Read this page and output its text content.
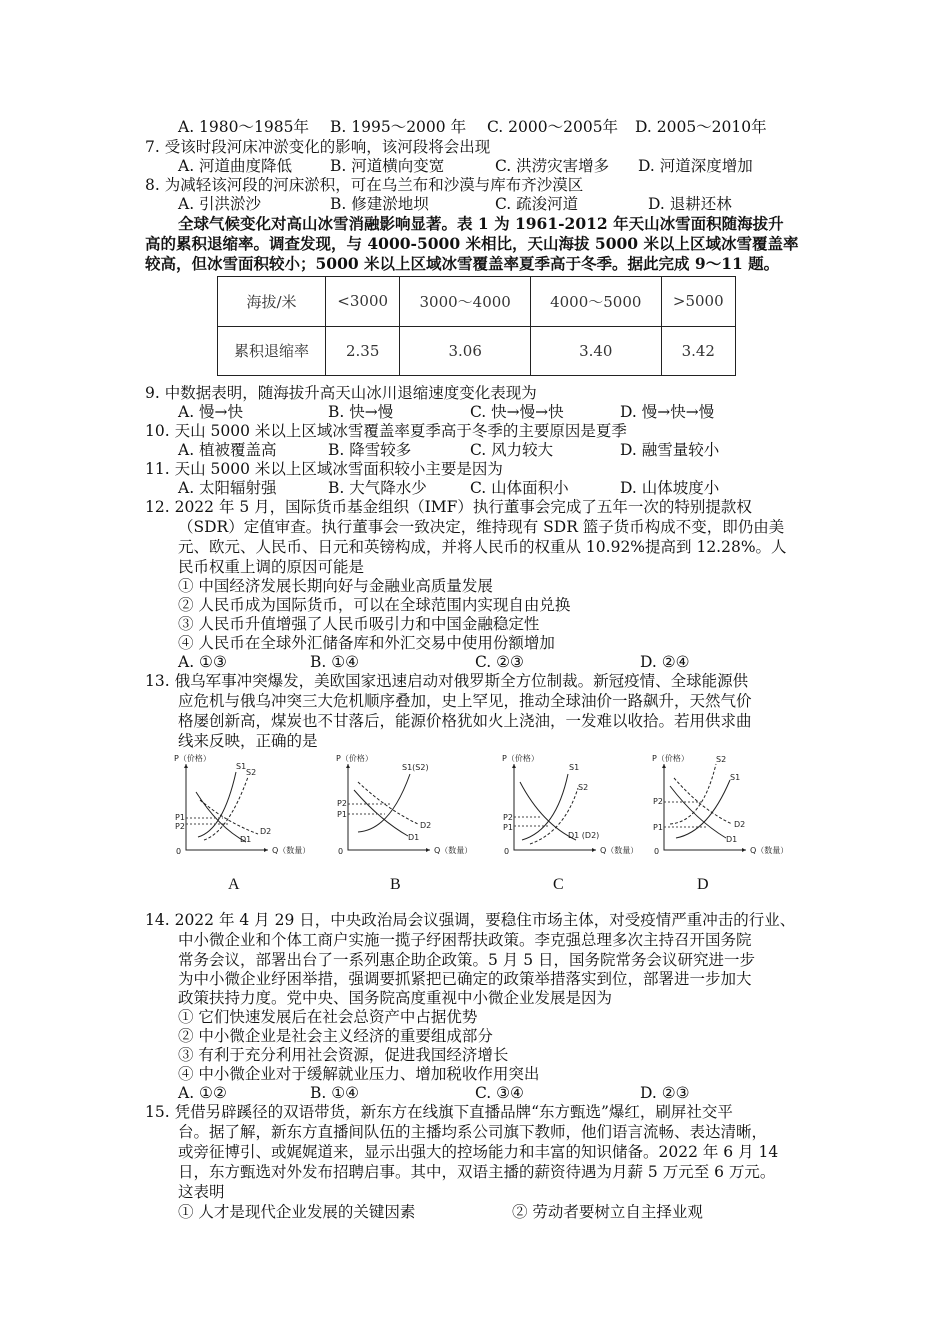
A. 1980～1985年 B. 1995～2000 年 C. 2000～2005年 D. 2005～2010年
7. 受该时段河床冲淤变化的影响，该河段将会出现
A. 河道曲度降低 B. 河道横向变宽	C. 洪涝灾害增多 D. 河道深度增加
8. 为减轻该河段的河床淤积，可在乌兰布和沙漠与库布齐沙漠区
A. 引洪淤沙	B. 修建淤地坝	C. 疏浚河道	D. 退耕还林
全球气候变化对高山冰雪消融影响显著。表 1 为 1961-2012 年天山冰雪面积随海拔升
高的累积退缩率。调查发现，与 4000-5000 米相比，天山海拔 5000 米以上区域冰雪覆盖率
较高，但冰雪面积较小；5000 米以上区域冰雪覆盖率夏季高于冬季。据此完成 9～11 题。
海拔/米	<3000	3000～4000	4000～5000	>5000
累积退缩率	2.35	3.06	3.40	3.42
9. 中数据表明，随海拔升高天山冰川退缩速度变化表现为
A. 慢→快	B. 快→慢	C. 快→慢→快	D. 慢→快→慢
10. 天山 5000 米以上区域冰雪覆盖率夏季高于冬季的主要原因是夏季
A. 植被覆盖高	B. 降雪较多	C. 风力较大	D. 融雪量较小
11. 天山 5000 米以上区域冰雪面积较小主要是因为
A. 太阳辐射强	B. 大气降水少	C. 山体面积小	D. 山体坡度小
12. 2022 年 5 月，国际货币基金组织（IMF）执行董事会完成了五年一次的特别提款权
（SDR）定值审查。执行董事会一致决定，维持现有 SDR 篮子货币构成不变，即仍由美
元、欧元、人民币、日元和英镑构成，并将人民币的权重从 10.92%提高到 12.28%。人
民币权重上调的原因可能是
① 中国经济发展长期向好与金融业高质量发展
② 人民币成为国际货币，可以在全球范围内实现自由兑换
③ 人民币升值增强了人民币吸引力和中国金融稳定性
④ 人民币在全球外汇储备库和外汇交易中使用份额增加
A. ①③	B. ①④	C. ②③	D. ②④
13. 俄乌军事冲突爆发，美欧国家迅速启动对俄罗斯全方位制裁。新冠疫情、全球能源供
应危机与俄乌冲突三大危机顺序叠加，史上罕见，推动全球油价一路飙升，天然气价
格屡创新高，煤炭也不甘落后，能源价格犹如火上浇油，一发难以收拾。若用供求曲
线来反映，正确的是
P（价格）
Q（数量）
0
S1
S2
P1
P2
D2
D1
A
P（价格）
Q（数量）
0
S1(S2)
P2
P1
D2
D1
B
P（价格）
Q（数量）
0
S1
S2
P2
P1
D1 (D2)
C
P（价格）
Q（数量）
0
S2
S1
P2
P1	D2
D1
D
14. 2022 年 4 月 29 日，中央政治局会议强调，要稳住市场主体，对受疫情严重冲击的行业、
中小微企业和个体工商户实施一揽子纾困帮扶政策。李克强总理多次主持召开国务院
常务会议，部署出台了一系列惠企助企政策。5 月 5 日，国务院常务会议研究进一步
为中小微企业纾困举措，强调要抓紧把已确定的政策举措落实到位，部署进一步加大
政策扶持力度。党中央、国务院高度重视中小微企业发展是因为
① 它们快速发展后在社会总资产中占据优势
② 中小微企业是社会主义经济的重要组成部分
③ 有利于充分利用社会资源，促进我国经济增长
④ 中小微企业对于缓解就业压力、增加税收作用突出
A. ①②	B. ①④	C. ③④	D. ②③
15. 凭借另辟蹊径的双语带货，新东方在线旗下直播品牌“东方甄选”爆红，刷屏社交平
台。据了解，新东方直播间队伍的主播均系公司旗下教师，他们语言流畅、表达清晰，
或旁征博引、或娓娓道来，显示出强大的控场能力和丰富的知识储备。2022 年 6 月 14
日，东方甄选对外发布招聘启事。其中，双语主播的薪资待遇为月薪 5 万元至 6 万元。
这表明
① 人才是现代企业发展的关键因素	② 劳动者要树立自主择业观
